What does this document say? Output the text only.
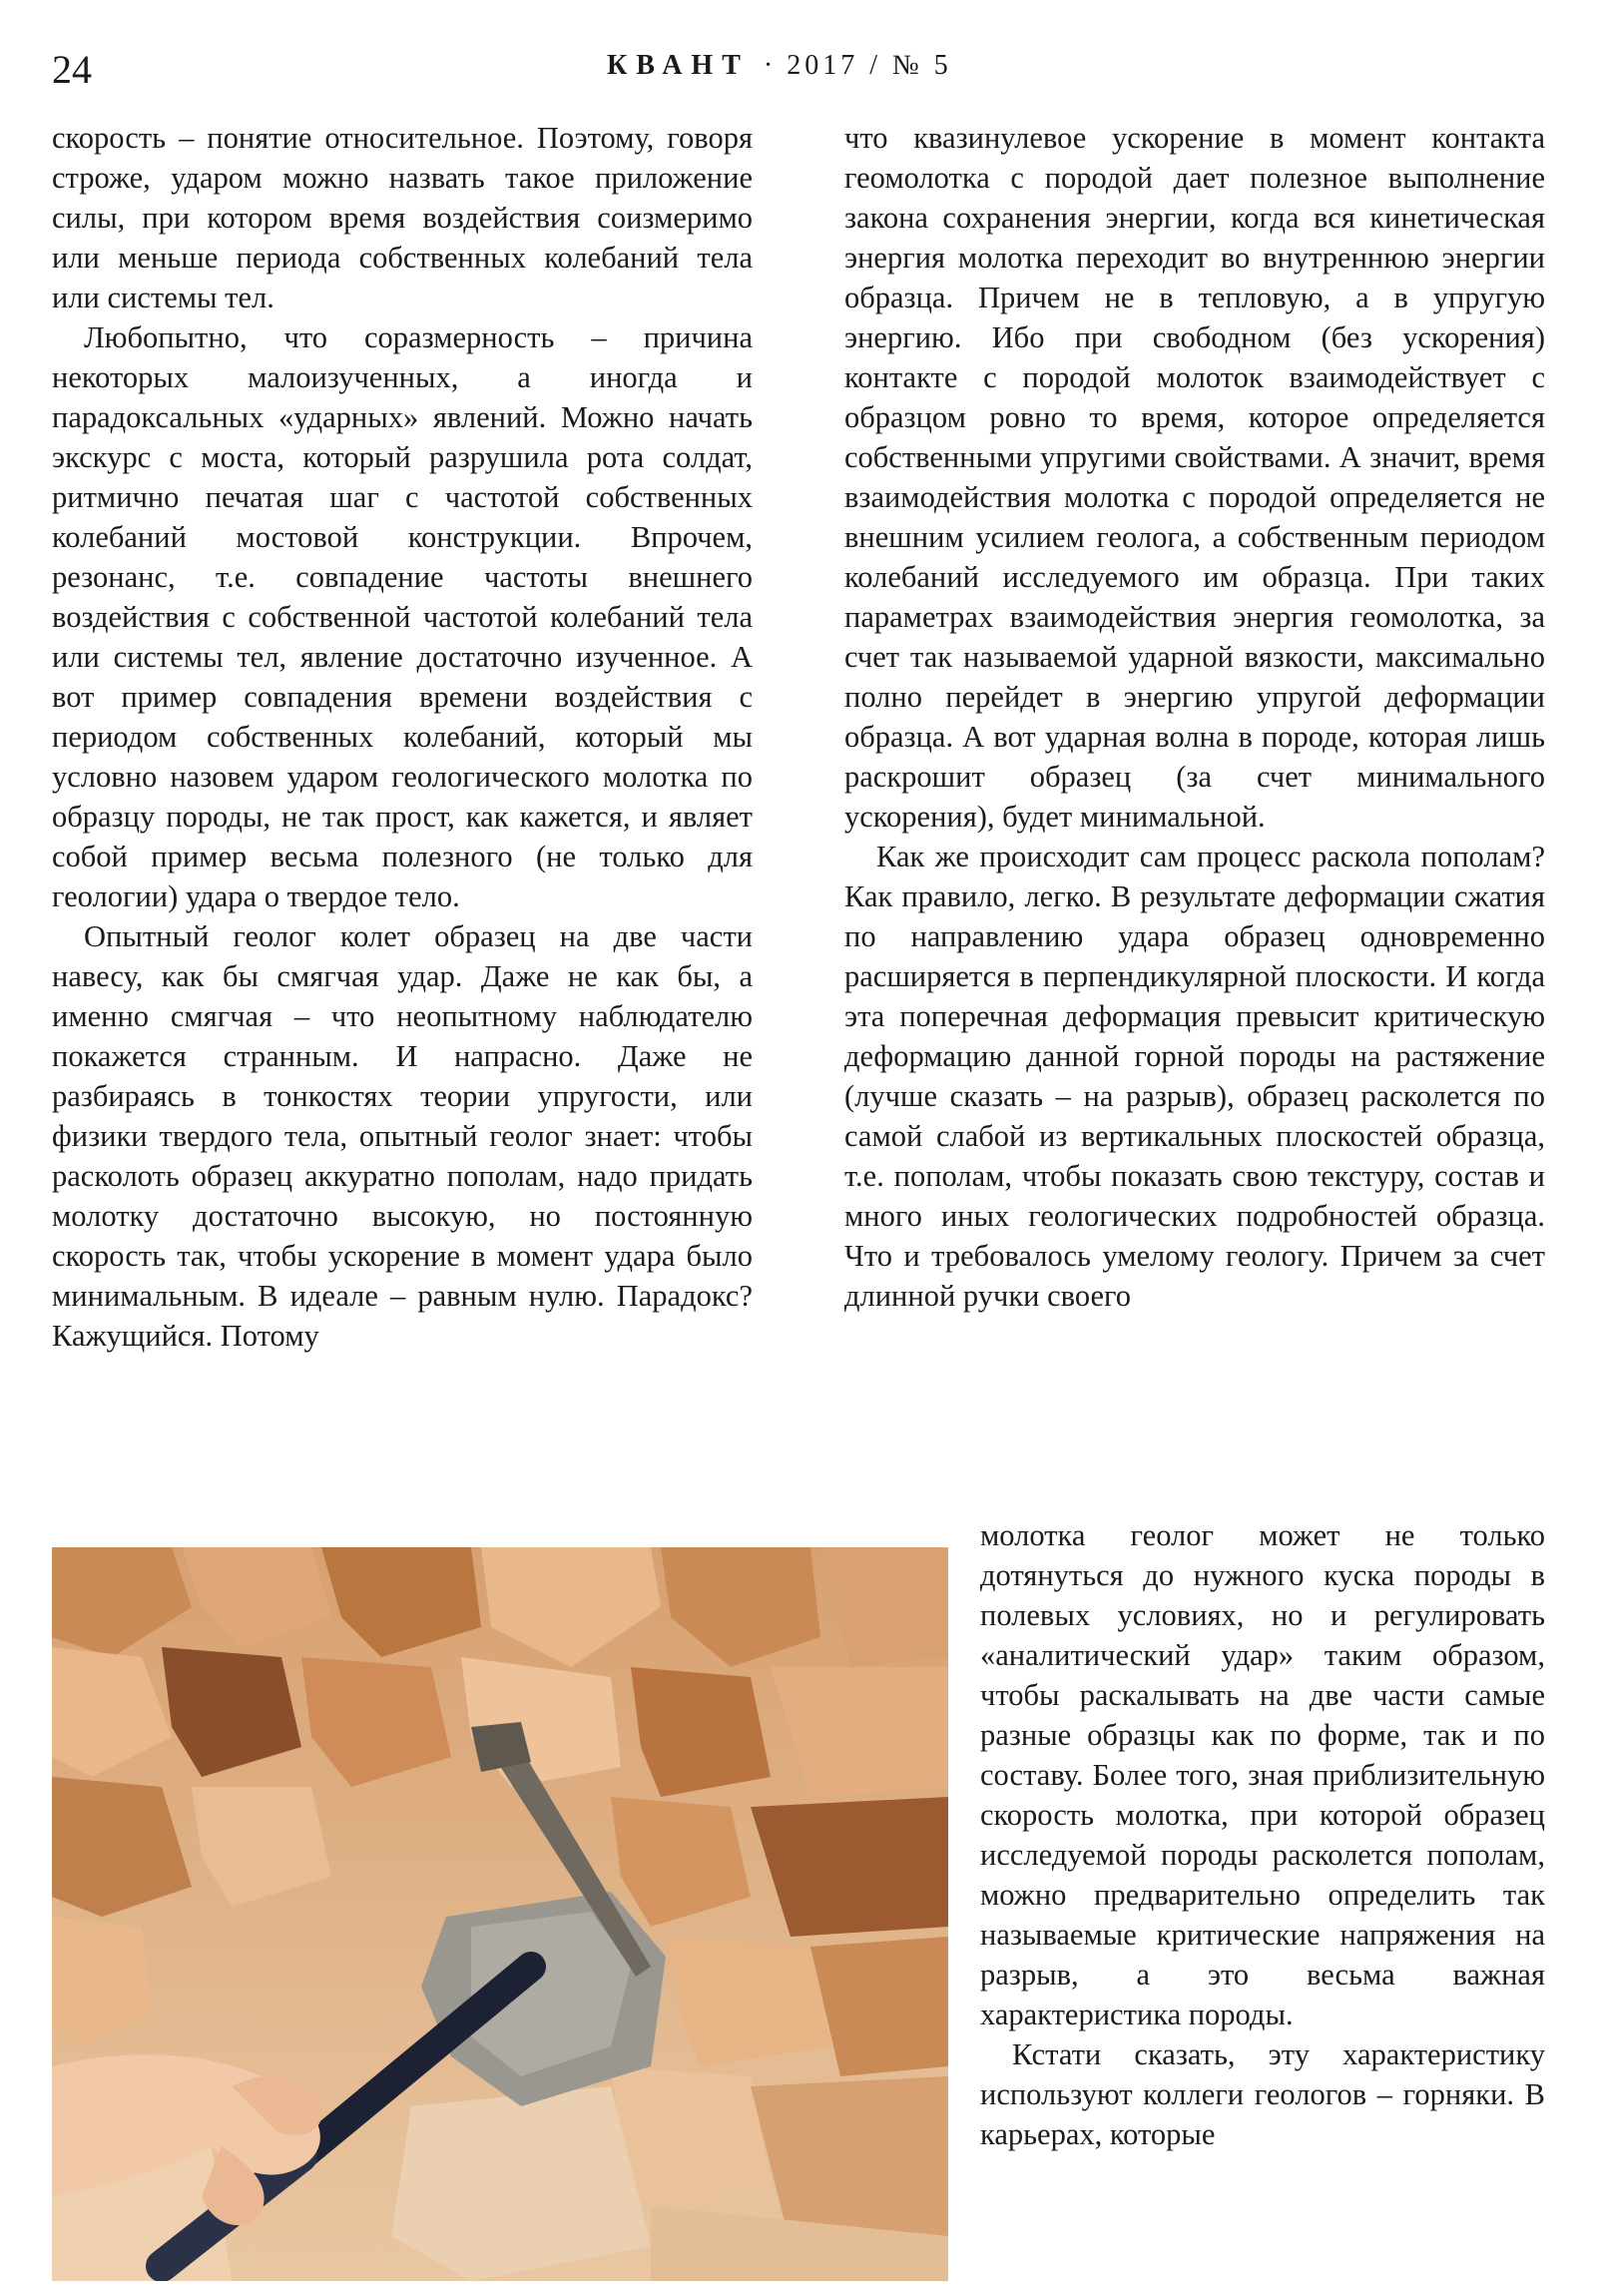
24	КВАНТ · 2017 / № 5

скорость – понятие относительное. Поэтому, говоря строже, ударом можно назвать такое приложение силы, при котором время воздействия соизмеримо или меньше периода собственных колебаний тела или системы тел.

Любопытно, что соразмерность – причина некоторых малоизученных, а иногда и парадоксальных «ударных» явлений. Можно начать экскурс с моста, который разрушила рота солдат, ритмично печатая шаг с частотой собственных колебаний мостовой конструкции. Впрочем, резонанс, т.е. совпадение частоты внешнего воздействия с собственной частотой колебаний тела или системы тел, явление достаточно изученное. А вот пример совпадения времени воздействия с периодом собственных колебаний, который мы условно назовем ударом геологического молотка по образцу породы, не так прост, как кажется, и являет собой пример весьма полезного (не только для геологии) удара о твердое тело.

Опытный геолог колет образец на две части навесу, как бы смягчая удар. Даже не как бы, а именно смягчая – что неопытному наблюдателю покажется странным. И напрасно. Даже не разбираясь в тонкостях теории упругости, или физики твердого тела, опытный геолог знает: чтобы расколоть образец аккуратно пополам, надо придать молотку достаточно высокую, но постоянную скорость так, чтобы ускорение в момент удара было минимальным. В идеале – равным нулю. Парадокс? Кажущийся. Потому

что квазинулевое ускорение в момент контакта геомолотка с породой дает полезное выполнение закона сохранения энергии, когда вся кинетическая энергия молотка переходит во внутреннюю энергии образца. Причем не в тепловую, а в упругую энергию. Ибо при свободном (без ускорения) контакте с породой молоток взаимодействует с образцом ровно то время, которое определяется собственными упругими свойствами. А значит, время взаимодействия молотка с породой определяется не внешним усилием геолога, а собственным периодом колебаний исследуемого им образца. При таких параметрах взаимодействия энергия геомолотка, за счет так называемой ударной вязкости, максимально полно перейдет в энергию упругой деформации образца. А вот ударная волна в породе, которая лишь раскрошит образец (за счет минимального ускорения), будет минимальной.

Как же происходит сам процесс раскола пополам? Как правило, легко. В результате деформации сжатия по направлению удара образец одновременно расширяется в перпендикулярной плоскости. И когда эта поперечная деформация превысит критическую деформацию данной горной породы на растяжение (лучше сказать – на разрыв), образец расколется по самой слабой из вертикальных плоскостей образца, т.е. пополам, чтобы показать свою текстуру, состав и много иных геологических подробностей образца. Что и требовалось умелому геологу. Причем за счет длинной ручки своего

молотка геолог может не только дотянуться до нужного куска породы в полевых условиях, но и регулировать «аналитический удар» таким образом, чтобы раскалывать на две части самые разные образцы как по форме, так и по составу. Более того, зная приблизительную скорость молотка, при которой образец исследуемой породы расколется пополам, можно предварительно определить так называемые критические напряжения на разрыв, а это весьма важная характеристика породы.

Кстати сказать, эту характеристику используют коллеги геологов – горняки. В карьерах, которые
